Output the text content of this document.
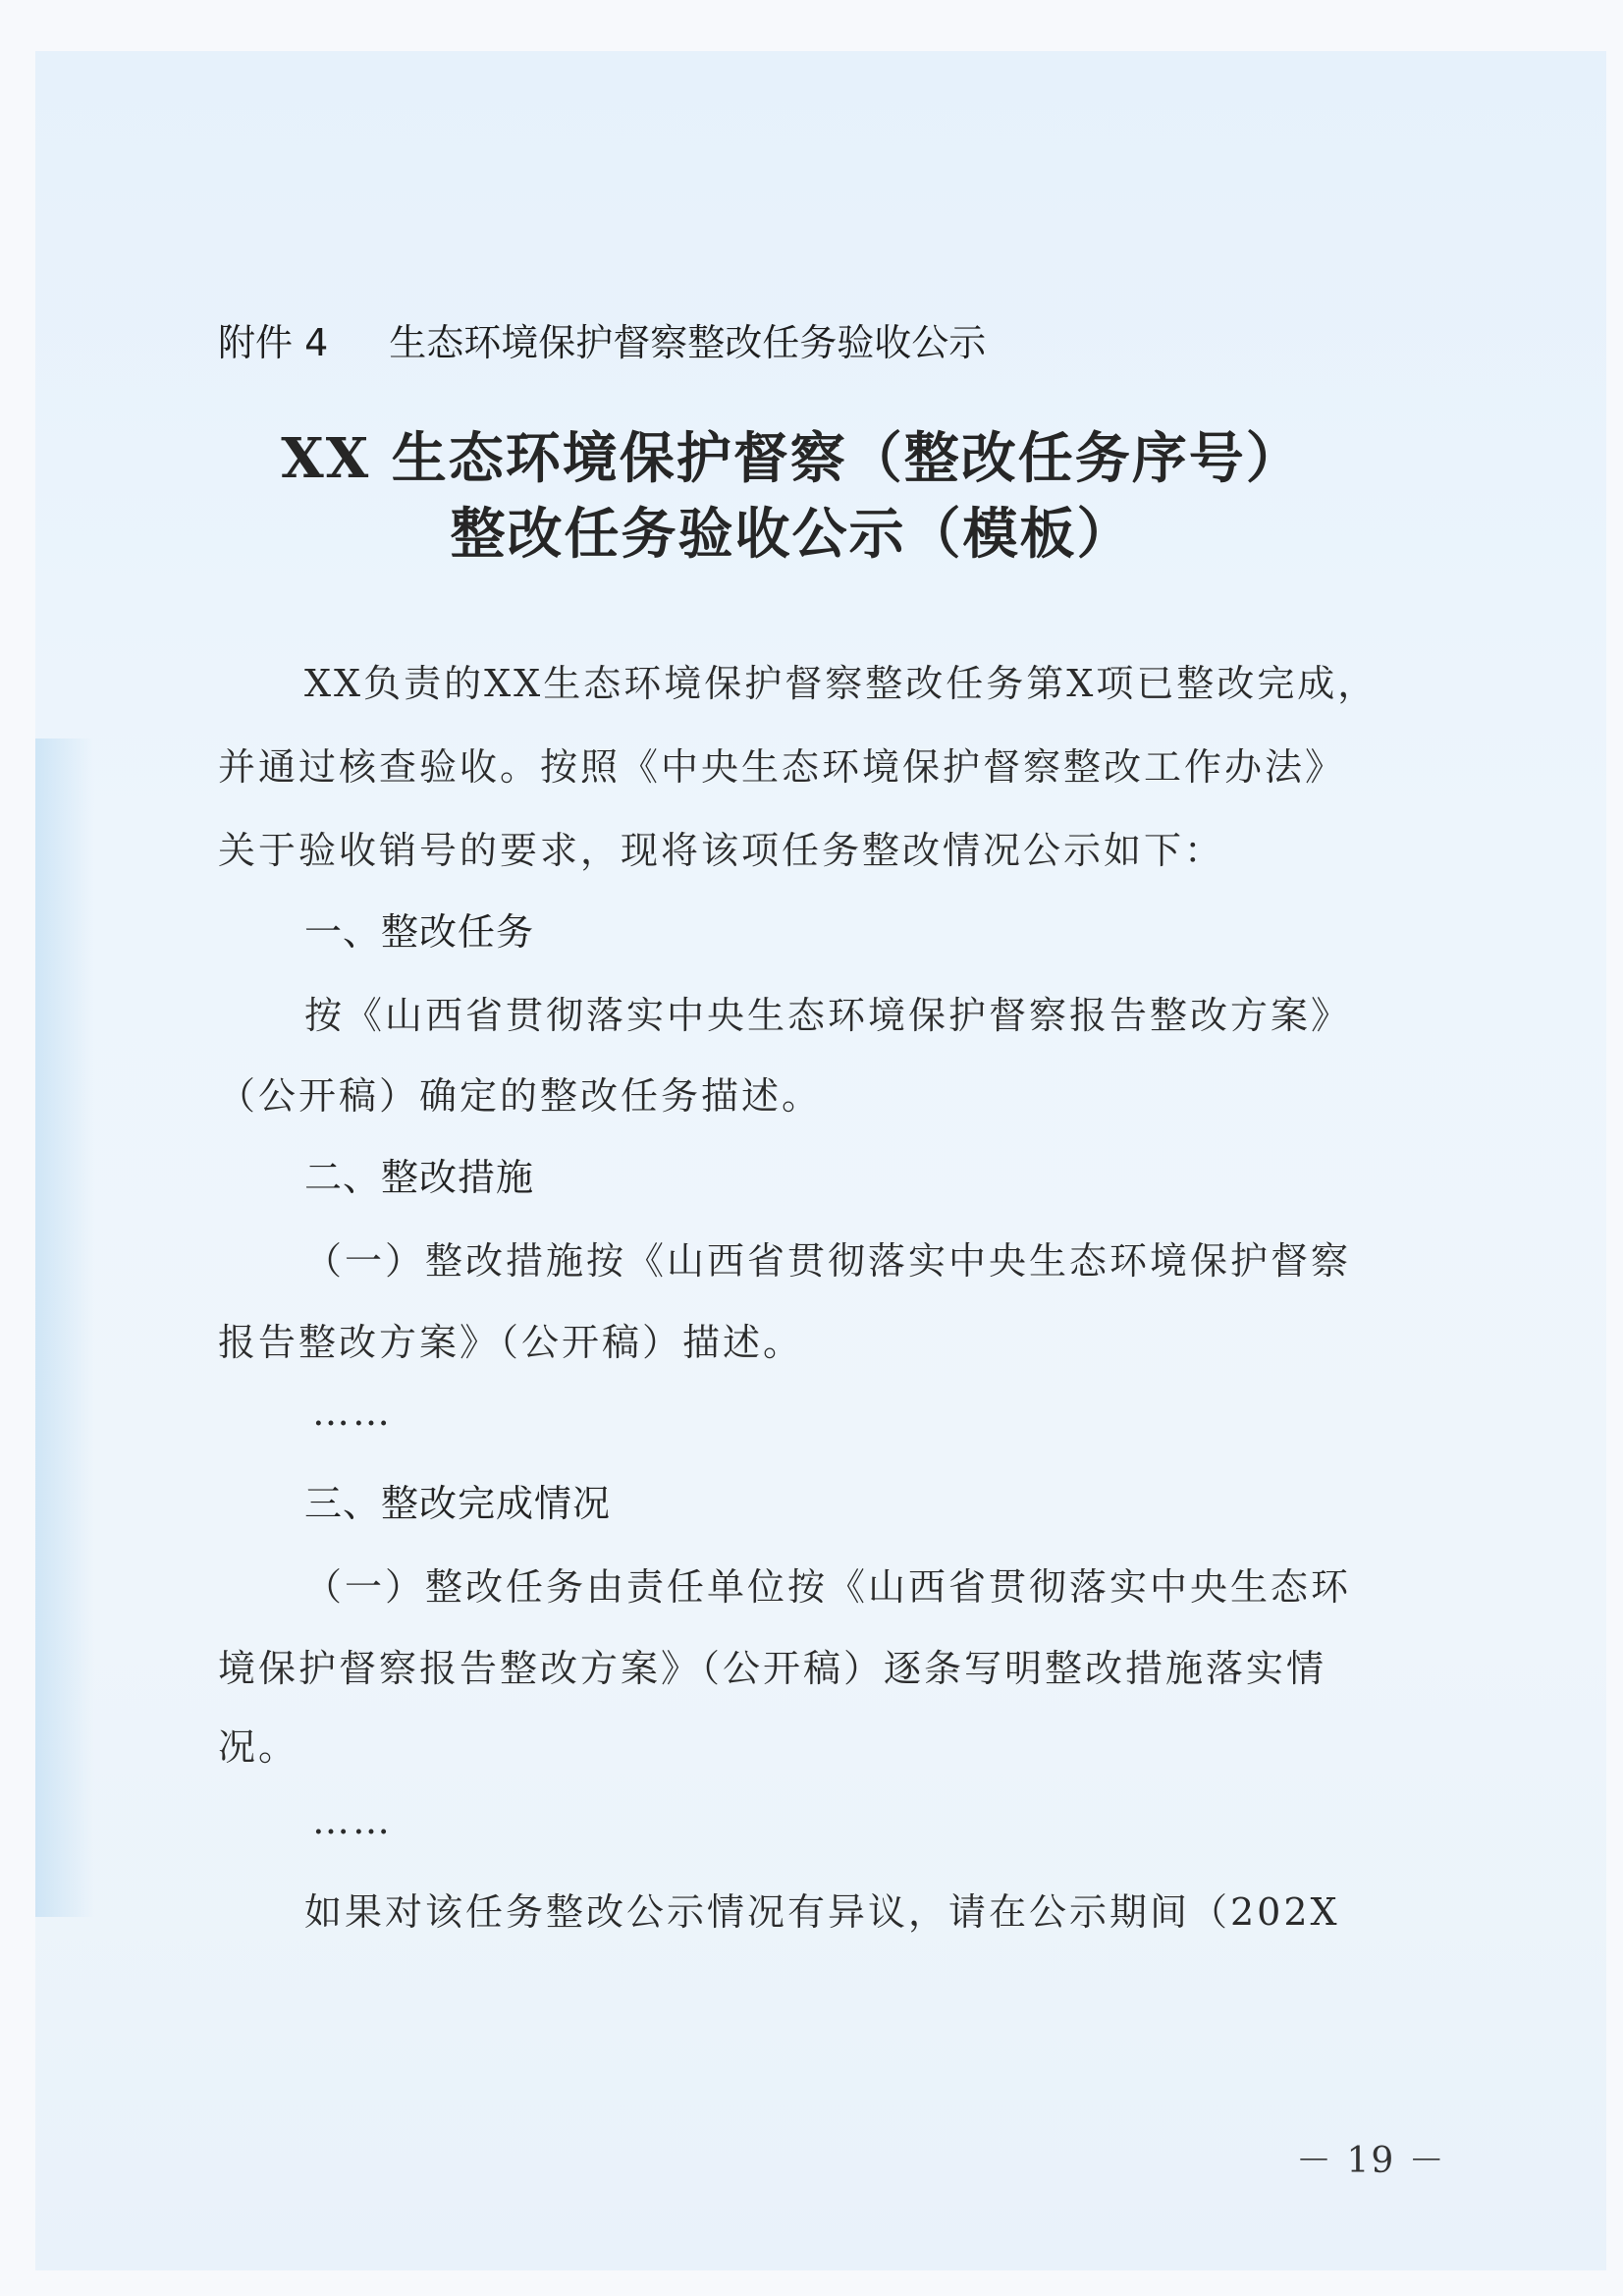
附件 4 生态环境保护督察整改任务验收公示
XX 生态环境保护督察（整改任务序号）
整改任务验收公示（模板）
XX负责的XX生态环境保护督察整改任务第X项已整改完成，
并通过核查验收。按照《中央生态环境保护督察整改工作办法》
关于验收销号的要求，现将该项任务整改情况公示如下：
一、整改任务
按《山西省贯彻落实中央生态环境保护督察报告整改方案》
（公开稿）确定的整改任务描述。
二、整改措施
（一）整改措施按《山西省贯彻落实中央生态环境保护督察
报告整改方案》（公开稿）描述。
……
三、整改完成情况
（一）整改任务由责任单位按《山西省贯彻落实中央生态环
境保护督察报告整改方案》（公开稿）逐条写明整改措施落实情
况。
……
如果对该任务整改公示情况有异议，请在公示期间（202X
－ 19 －
